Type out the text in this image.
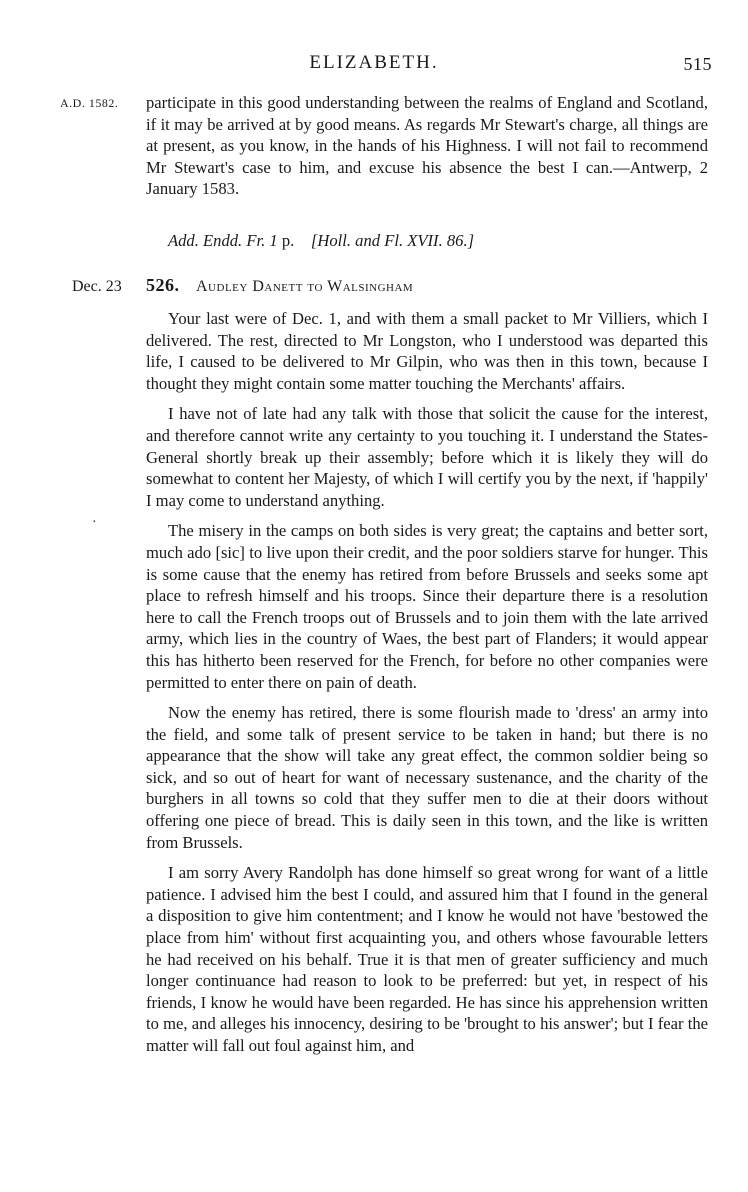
ELIZABETH.	515
A.D. 1582. participate in this good understanding between the realms of England and Scotland, if it may be arrived at by good means. As regards Mr Stewart's charge, all things are at present, as you know, in the hands of his Highness. I will not fail to recommend Mr Stewart's case to him, and excuse his absence the best I can.—Antwerp, 2 January 1583.

Add. Endd. Fr. 1 p. [Holl. and Fl. XVII. 86.]
Dec. 23 526. Audley Danett to Walsingham

Your last were of Dec. 1, and with them a small packet to Mr Villiers, which I delivered. The rest, directed to Mr Longston, who I understood was departed this life, I caused to be delivered to Mr Gilpin, who was then in this town, because I thought they might contain some matter touching the Merchants' affairs.

I have not of late had any talk with those that solicit the cause for the interest, and therefore cannot write any certainty to you touching it. I understand the States-General shortly break up their assembly; before which it is likely they will do somewhat to content her Majesty, of which I will certify you by the next, if 'happily' I may come to understand anything.

The misery in the camps on both sides is very great; the captains and better sort, much ado [sic] to live upon their credit, and the poor soldiers starve for hunger. This is some cause that the enemy has retired from before Brussels and seeks some apt place to refresh himself and his troops. Since their departure there is a resolution here to call the French troops out of Brussels and to join them with the late arrived army, which lies in the country of Waes, the best part of Flanders; it would appear this has hitherto been reserved for the French, for before no other companies were permitted to enter there on pain of death.

Now the enemy has retired, there is some flourish made to 'dress' an army into the field, and some talk of present service to be taken in hand; but there is no appearance that the show will take any great effect, the common soldier being so sick, and so out of heart for want of necessary sustenance, and the charity of the burghers in all towns so cold that they suffer men to die at their doors without offering one piece of bread. This is daily seen in this town, and the like is written from Brussels.

I am sorry Avery Randolph has done himself so great wrong for want of a little patience. I advised him the best I could, and assured him that I found in the general a disposition to give him contentment; and I know he would not have 'bestowed the place from him' without first acquainting you, and others whose favourable letters he had received on his behalf. True it is that men of greater sufficiency and much longer continuance had reason to look to be preferred: but yet, in respect of his friends, I know he would have been regarded. He has since his apprehension written to me, and alleges his innocency, desiring to be 'brought to his answer'; but I fear the matter will fall out foul against him, and

·
